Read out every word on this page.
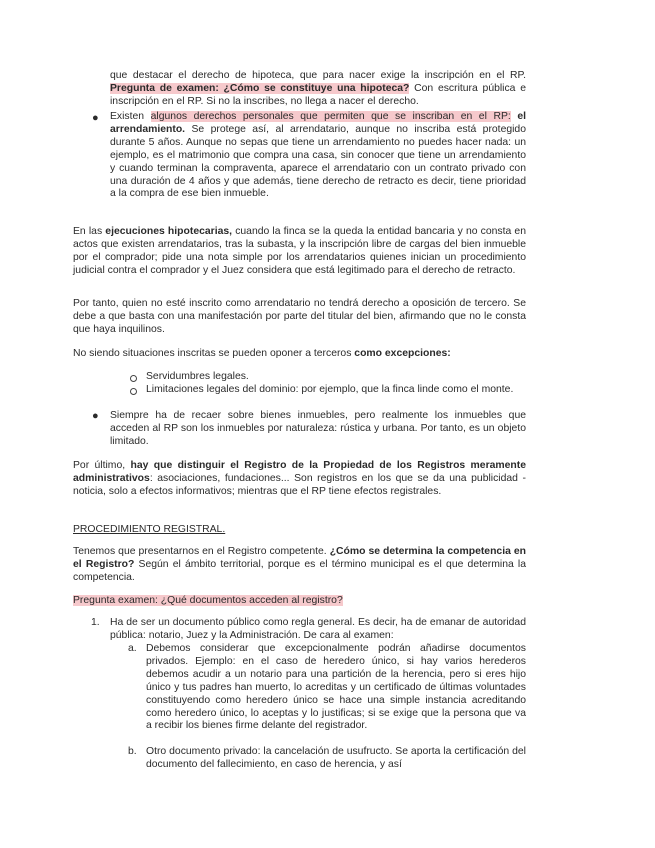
que destacar el derecho de hipoteca, que para nacer exige la inscripción en el RP. Pregunta de examen: ¿Cómo se constituye una hipoteca? Con escritura pública e inscripción en el RP. Si no la inscribes, no llega a nacer el derecho.
● Existen algunos derechos personales que permiten que se inscriban en el RP: el arrendamiento. Se protege así, al arrendatario, aunque no inscriba está protegido durante 5 años. Aunque no sepas que tiene un arrendamiento no puedes hacer nada: un ejemplo, es el matrimonio que compra una casa, sin conocer que tiene un arrendamiento y cuando terminan la compraventa, aparece el arrendatario con un contrato privado con una duración de 4 años y que además, tiene derecho de retracto es decir, tiene prioridad a la compra de ese bien inmueble.
En las ejecuciones hipotecarias, cuando la finca se la queda la entidad bancaria y no consta en actos que existen arrendatarios, tras la subasta, y la inscripción libre de cargas del bien inmueble por el comprador; pide una nota simple por los arrendatarios quienes inician un procedimiento judicial contra el comprador y el Juez considera que está legitimado para el derecho de retracto.
Por tanto, quien no esté inscrito como arrendatario no tendrá derecho a oposición de tercero. Se debe a que basta con una manifestación por parte del titular del bien, afirmando que no le consta que haya inquilinos.
No siendo situaciones inscritas se pueden oponer a terceros como excepciones:
Servidumbres legales.
Limitaciones legales del dominio: por ejemplo, que la finca linde como el monte.
● Siempre ha de recaer sobre bienes inmuebles, pero realmente los inmuebles que acceden al RP son los inmuebles por naturaleza: rústica y urbana. Por tanto, es un objeto limitado.
Por último, hay que distinguir el Registro de la Propiedad de los Registros meramente administrativos: asociaciones, fundaciones... Son registros en los que se da una publicidad - noticia, solo a efectos informativos; mientras que el RP tiene efectos registrales.
PROCEDIMIENTO REGISTRAL.
Tenemos que presentarnos en el Registro competente. ¿Cómo se determina la competencia en el Registro? Según el ámbito territorial, porque es el término municipal es el que determina la competencia.
Pregunta examen: ¿Qué documentos acceden al registro?
1. Ha de ser un documento público como regla general. Es decir, ha de emanar de autoridad pública: notario, Juez y la Administración. De cara al examen:
a. Debemos considerar que excepcionalmente podrán añadirse documentos privados. Ejemplo: en el caso de heredero único, si hay varios herederos debemos acudir a un notario para una partición de la herencia, pero si eres hijo único y tus padres han muerto, lo acreditas y un certificado de últimas voluntades constituyendo como heredero único se hace una simple instancia acreditando como heredero único, lo aceptas y lo justificas; si se exige que la persona que va a recibir los bienes firme delante del registrador.
b. Otro documento privado: la cancelación de usufructo. Se aporta la certificación del documento del fallecimiento, en caso de herencia, y así
